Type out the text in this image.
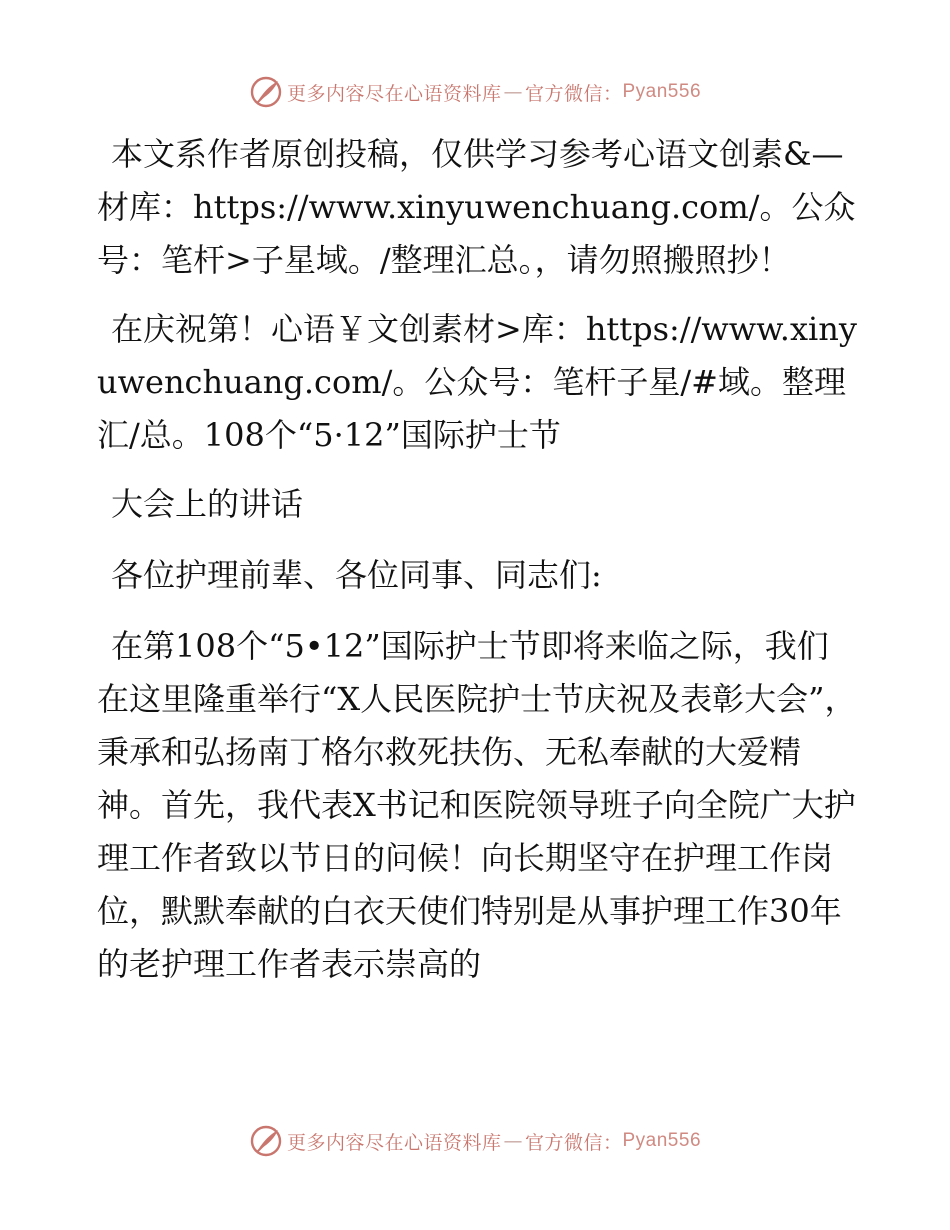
更多内容尽在心语资料库 — 官方微信： Pyan556

本文系作者原创投稿，仅供学习参考心语文创素&—材库：https://www.xinyuwenchuang.com/。公众号：笔杆>子星域。/整理汇总。，请勿照搬照抄！

在庆祝第！心语￥文创素材>库：https://www.xinyuwenchuang.com/。公众号：笔杆子星/#域。整理汇/总。108个“5·12”国际护士节

大会上的讲话

各位护理前辈、各位同事、同志们:

在第108个“5•12”国际护士节即将来临之际，我们在这里隆重举行“X人民医院护士节庆祝及表彰大会”，秉承和弘扬南丁格尔救死扶伤、无私奉献的大爱精神。首先，我代表X书记和医院领导班子向全院广大护理工作者致以节日的问候！向长期坚守在护理工作岗位，默默奉献的白衣天使们特别是从事护理工作30年的老护理工作者表示崇高的

更多内容尽在心语资料库 — 官方微信： Pyan556
